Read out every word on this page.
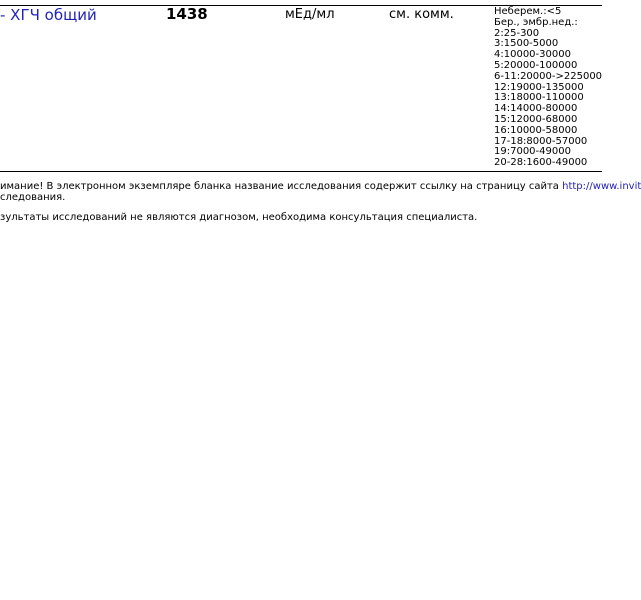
- ХГЧ общий	1438	мЕд/мл	см. комм.	Неберем.:<5
Бер., эмбр.нед.:
2:25-300
3:1500-5000
4:10000-30000
5:20000-100000
6-11:20000->225000
12:19000-135000
13:18000-110000
14:14000-80000
15:12000-68000
16:10000-58000
17-18:8000-57000
19:7000-49000
20-28:1600-49000
имание! В электронном экземпляре бланка название исследования содержит ссылку на страницу сайта http://www.invit
следования.
зультаты исследований не являются диагнозом, необходима консультация специалиста.
